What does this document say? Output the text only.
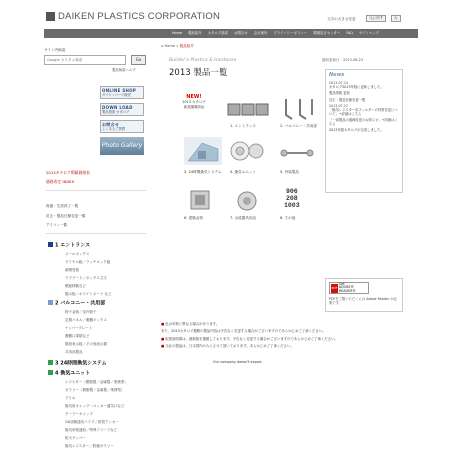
DAIKEN PLASTICS CORPORATION	文字の大きさ変更	元に戻す	大
Home 製品紹介 カタログ請求 お問合せ 会社案内 プライバシーポリシー 環境宣言センター FAQ サイトマップ
サイト内検索
Google カスタム検索
Go
製品検索ヘルプ
ONLINE SHOP
ダイケンパーツ販売
DOWN LOAD
製品図面 カタログ
お問合せ
よくあるご質問
Photo Gallery
2013カタログ掲載価格表
価格改定 INDEX
廃番・生産終了一覧
訂正・製品仕様変更一覧
アイコン一覧
1 エントランス
メールボックス
ダイヤル錠／ラッチロック錠
新聞受箱
ラブラード／ポックス文字
螺旋移動など
掲示板／ホワイトボード など
2 バルコニー・共用部
物干金物／室内物干
定期パネル／避難ボックス
ナンバープレート
避難口扉類など
階段表示板／その他表示類
共用部製品
3 24時間換気システム
4 換気ユニット
レジスター（樹脂製／金属製／業務型）
ガラリー（樹脂製／金属製／業務型）
グリル
換気用キャップ・ロッカー通気口など
クーラーキャップ
OA試験通気パイプ／排管アンカー
換気用壁連結／特殊フリーフなど
防火ダンパー
換気レジスター／防爆ガラリー
⌂ Home » 製品紹介
Builder's Plastics & Hardware
2013 製品一覧
最終更新日：2013.08.23
NEW!
2013 カタログ
新規掲載商品
1. エントランス	2. バルコニー・共用部
3. 24時間換気システム 4. 換気ユニット	5. 内装製品
6. 建築金物	7. 水道器具用品
906
208
1003
8. その他
News
2013.07.24
カタログ2013年版に更新しました。
製品情報 更新
訂正・製品仕様変更一覧
2013.07.22
「換気レジスター用フィルターの材質変更について」→詳細はこちら
「一部製品の過疎変更のお知らせ」→詳細はこちら
2013年版カタログが完成しました。
PDF
Get
ADOBE® READER®
PDFをご覧いただくには Adobe Reader が必要です。
■色は実物と異なる場合があります。
また、2013カタログ掲載の製品内容は予告なく変更する場合がございますのであらかじめご了承ください。
■取扱説明書は、最新版を掲載しております。予告なく変更する場合がございますのであらかじめご了承ください。
■当社の製品は、日本国内のみとさせて頂いております。あらかじめご了承ください。
Our company doesn't export.
